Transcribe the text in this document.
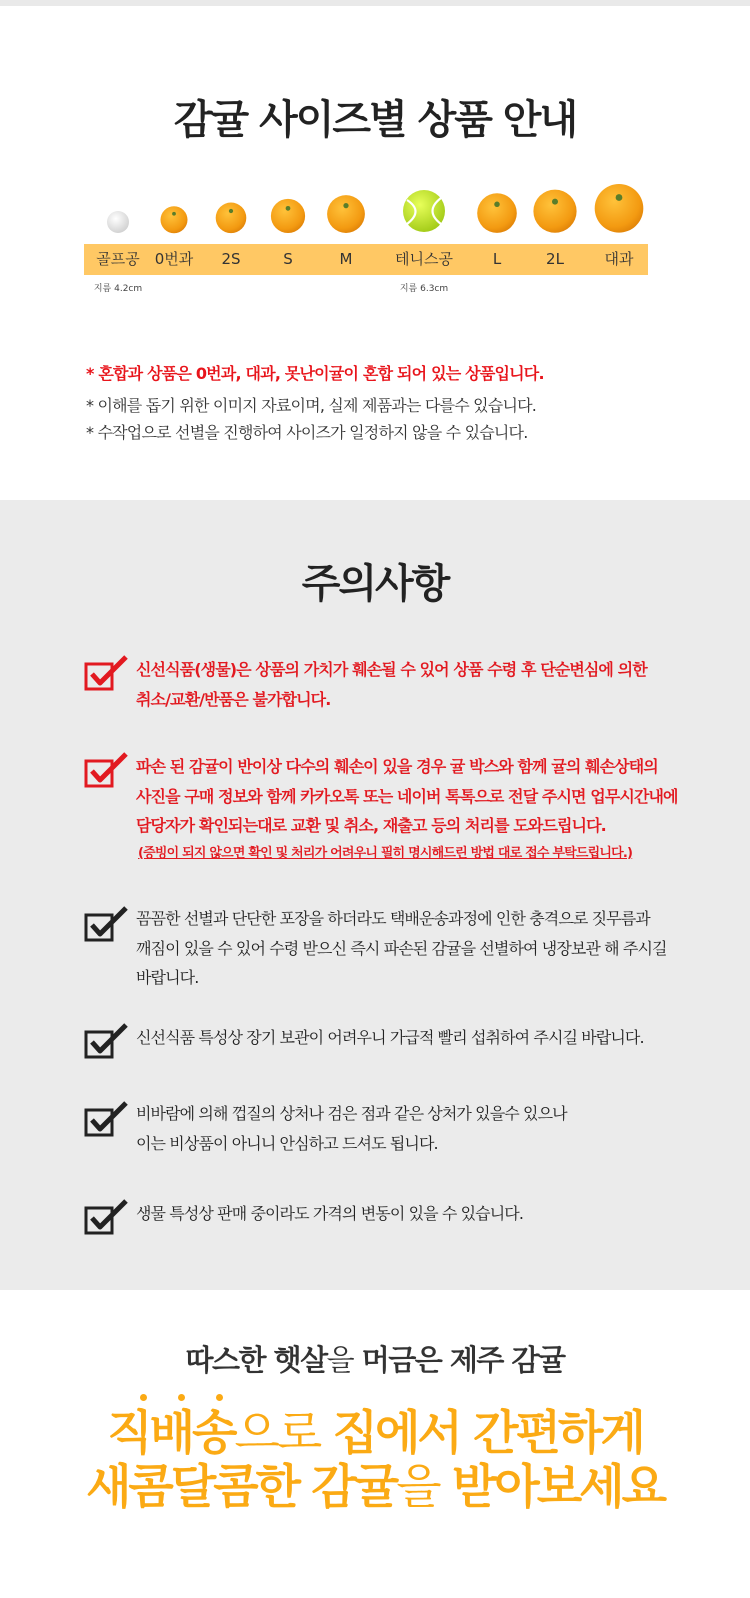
감귤 사이즈별 상품 안내
골프공 0번과 2S	S	M	테니스공	L	2L	대과
지름 4.2cm	지름 6.3cm

* 혼합과 상품은 0번과, 대과, 못난이귤이 혼합 되어 있는 상품입니다.

* 이해를 돕기 위한 이미지 자료이며, 실제 제품과는 다를수 있습니다.

* 수작업으로 선별을 진행하여 사이즈가 일정하지 않을 수 있습니다.

주의사항
신선식품(생물)은 상품의 가치가 훼손될 수 있어 상품 수령 후 단순변심에 의한
취소/교환/반품은 불가합니다.
파손 된 감귤이 반이상 다수의 훼손이 있을 경우 귤 박스와 함께 귤의 훼손상태의
사진을 구매 정보와 함께 카카오톡 또는 네이버 톡톡으로 전달 주시면 업무시간내에
담당자가 확인되는대로 교환 및 취소, 재출고 등의 처리를 도와드립니다.
(증빙이 되지 않으면 확인 및 처리가 어려우니 필히 명시해드린 방법 대로 접수 부탁드립니다.)
꼼꼼한 선별과 단단한 포장을 하더라도 택배운송과정에 인한 충격으로 짓무름과
깨짐이 있을 수 있어 수령 받으신 즉시 파손된 감귤을 선별하여 냉장보관 해 주시길
바랍니다.
신선식품 특성상 장기 보관이 어려우니 가급적 빨리 섭취하여 주시길 바랍니다.
비바람에 의해 껍질의 상처나 검은 점과 같은 상처가 있을수 있으나
이는 비상품이 아니니 안심하고 드셔도 됩니다.
생물 특성상 판매 중이라도 가격의 변동이 있을 수 있습니다.

따스한 햇살을 머금은 제주 감귤

직배송으로 집에서 간편하게

새콤달콤한 감귤을 받아보세요
